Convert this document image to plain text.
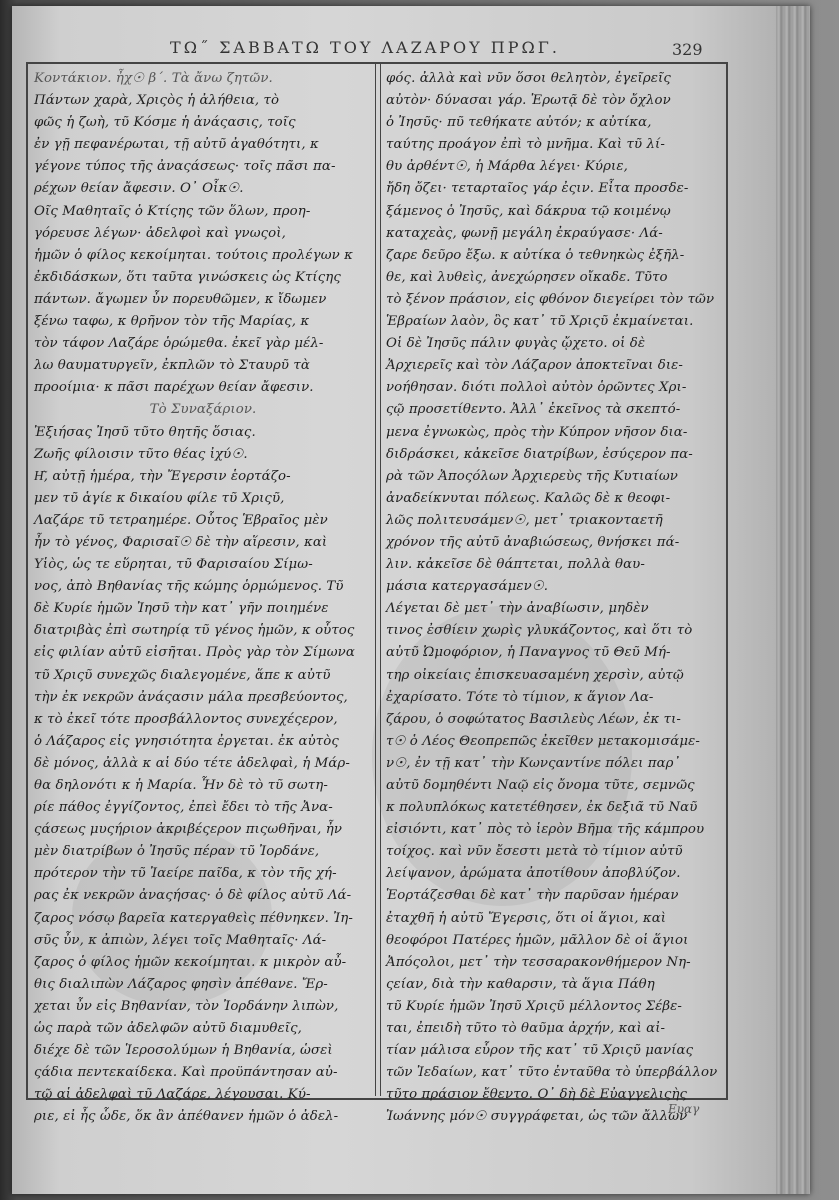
ΤΩ˝ ΣΑΒΒΑΤΩ ΤΟΥ ΛΑΖΑΡΟΥ ΠΡΩΓ.	329
Κοντάκιον. ἦχ☉ β΄. Τὰ ἄνω ζητῶν.
Πάντων χαρὰ, Χριςὸς ἡ ἀλήθεια, τὸ
φῶς ἡ ζωὴ, τῦ Κόσμε ἡ ἀνάςασις, τοῖς
ἐν γῇ πεφανέρωται, τῇ αὐτῦ ἀγαθότητι, κ
γέγονε τύπος τῆς ἀναςάσεως· τοῖς πᾶσι πα-
ρέχων θείαν ἄφεσιν. Ο᾽ Οἶκ☉.
Οῖς Μαθηταῖς ὁ Κτίςης τῶν ὅλων, προη-
γόρευσε λέγων· ἀδελφοὶ καὶ γνωςοὶ,
ἡμῶν ὁ φίλος κεκοίμηται. τούτοις προλέγων κ
ἐκδιδάσκων, ὅτι ταῦτα γινώσκεις ὡς Κτίςης
πάντων. ἄγωμεν ὖν πορευθῶμεν, κ ἴδωμεν
ξένω ταφω, κ θρῆνον τὸν τῆς Μαρίας, κ
τὸν τάφον Λαζάρε ὁρώμεθα. ἐκεῖ γὰρ μέλ-
λω θαυματυργεῖν, ἐκπλῶν τὸ Σταυρῦ τὰ
προοίμια· κ πᾶσι παρέχων θείαν ἄφεσιν.
Τὸ Συναξάριον.
Ἐξιήσας Ἰησῦ τῦτο θητῆς ὅσιας.
Ζωῆς φίλοισιν τῦτο θέας ἰχύ☉.
Η͂, αὐτῇ ἡμέρα, τὴν Ἔγερσιν ἑορτάζο-
μεν τῦ ἁγίε κ δικαίου φίλε τῦ Χριςῦ,
Λαζάρε τῦ τετραημέρε. Οὗτος Ἑβραῖος μὲν
ἦν τὸ γένος, Φαρισαῖ☉ δὲ τὴν αἵρεσιν, καὶ
Υἱὸς, ὡς τε εὕρηται, τῦ Φαρισαίου Σίμω-
νος, ἀπὸ Βηθανίας τῆς κώμης ὁρμώμενος. Τῦ
δὲ Κυρίε ἡμῶν Ἰησῦ τὴν κατ᾽ γῆν ποιημένε
διατριβὰς ἐπὶ σωτηρίᾳ τῦ γένος ἡμῶν, κ οὗτος
εἰς φιλίαν αὐτῦ εἰσῆται. Πρὸς γὰρ τὸν Σίμωνα
τῦ Χριςῦ συνεχῶς διαλεγομένε, ἅπε κ αὐτῦ
τὴν ἐκ νεκρῶν ἀνάςασιν μάλα πρεσβεύοντος,
κ τὸ ἐκεῖ τότε προσβάλλοντος συνεχέςερον,
ὁ Λάζαρος εἰς γνησιότητα ἐργεται. ἐκ αὐτὸς
δὲ μόνος, ἀλλὰ κ αἱ δύο τέτε ἀδελφαὶ, ἡ Μάρ-
θα δηλονότι κ ἡ Μαρία. Ἧν δὲ τὸ τῦ σωτη-
ρίε πάθος ἐγγίζοντος, ἐπεὶ ἔδει τὸ τῆς Ἀνα-
ςάσεως μυςήριον ἀκριβέςερον πιςωθῆναι, ἦν
μὲν διατρίβων ὁ Ἰησῦς πέραν τῦ Ἰορδάνε,
πρότερον τὴν τῦ Ἰαείρε παῖδα, κ τὸν τῆς χή-
ρας ἐκ νεκρῶν ἀναςήσας· ὁ δὲ φίλος αὐτῦ Λά-
ζαρος νόσῳ βαρεῖα κατεργαθεὶς πέθνηκεν. Ἰη-
σῦς ὖν, κ ἀπιὼν, λέγει τοῖς Μαθηταῖς· Λά-
ζαρος ὁ φίλος ἡμῶν κεκοίμηται. κ μικρὸν αὖ-
θις διαλιπὼν Λάζαρος φησὶν ἀπέθανε. Ἔρ-
χεται ὖν εἰς Βηθανίαν, τὸν Ἰορδάνην λιπὼν,
ὡς παρὰ τῶν ἀδελφῶν αὐτῦ διαμυθεῖς,
διέχε δὲ τῶν Ἱεροσολύμων ἡ Βηθανία, ὡσεὶ
ςάδια πεντεκαίδεκα. Καὶ προϋπάντησαν αὐ-
τῷ αἱ ἀδελφαὶ τῦ Λαζάρε, λέγουσαι. Κύ-
ριε, εἰ ἦς ὧδε, ὅκ ἂν ἀπέθανεν ἡμῶν ὁ ἀδελ-
φός. ἀλλὰ καὶ νῦν ὅσοι θελητὸν, ἐγεῖρεῖς
αὐτὸν· δύνασαι γάρ. Ἐρωτᾷ δὲ τὸν ὄχλον
ὁ Ἰησῦς· πῦ τεθήκατε αὐτόν; κ αὐτίκα,
ταύτης προάγον ἐπὶ τὸ μνῆμα. Καὶ τῦ λί-
θυ ἀρθέντ☉, ἡ Μάρθα λέγει· Κύριε,
ἤδη ὄζει· τεταρταῖος γάρ ἐςιν. Εἶτα προσδε-
ξάμενος ὁ Ἰησῦς, καὶ δάκρυα τῷ κοιμένῳ
καταχεὰς, φωνῇ μεγάλη ἐκραύγασε· Λά-
ζαρε δεῦρο ἔξω. κ αὐτίκα ὁ τεθνηκὼς ἐξῆλ-
θε, καὶ λυθεὶς, ἀνεχώρησεν οἴκαδε. Τῦτο
τὸ ξένον πράσιον, εἰς φθόνον διεγείρει τὸν τῶν
Ἑβραίων λαὸν, ὃς κατ᾽ τῦ Χριςῦ ἐκμαίνεται.
Οἱ δὲ Ἰησῦς πάλιν φυγὰς ᾤχετο. οἱ δὲ
Ἀρχιερεῖς καὶ τὸν Λάζαρον ἀποκτεῖναι διε-
νοήθησαν. διότι πολλοὶ αὐτὸν ὁρῶντες Χρι-
ςῷ προσετίθεντο. Ἀλλ᾽ ἐκεῖνος τὰ σκεπτό-
μενα ἐγνωκὼς, πρὸς τὴν Κύπρον νῆσον δια-
διδράσκει, κἀκεῖσε διατρίβων, ἐσύςερον πα-
ρὰ τῶν Ἀποςόλων Ἀρχιερεὺς τῆς Κυτιαίων
ἀναδείκνυται πόλεως. Καλῶς δὲ κ θεοφι-
λῶς πολιτευσάμεν☉, μετ᾽ τριακονταετῆ
χρόνον τῆς αὐτῦ ἀναβιώσεως, θνήσκει πά-
λιν. κἀκεῖσε δὲ θάπτεται, πολλὰ θαυ-
μάσια κατεργασάμεν☉.
Λέγεται δὲ μετ᾽ τὴν ἀναβίωσιν, μηδὲν
τινος ἐσθίειν χωρὶς γλυκάζοντος, καὶ ὅτι τὸ
αὐτῦ Ὠμοφόριον, ἡ Παναγνος τῦ Θεῦ Μή-
τηρ οἰκείαις ἐπισκευασαμένη χερσὶν, αὐτῷ
ἐχαρίσατο. Τότε τὸ τίμιον, κ ἅγιον Λα-
ζάρου, ὁ σοφώτατος Βασιλεὺς Λέων, ἐκ τι-
τ☉ ὁ Λέος Θεοπρεπῶς ἐκεῖθεν μετακομισάμε-
ν☉, ἐν τῇ κατ᾽ τὴν Κωνςαντίνε πόλει παρ᾽
αὐτῦ δομηθέντι Ναῷ εἰς ὄνομα τῦτε, σεμνῶς
κ πολυπλόκως κατετέθησεν, ἐκ δεξιᾶ τῦ Ναῦ
εἰσιόντι, κατ᾽ πὸς τὸ ἱερὸν Βῆμα τῆς κάμπρου
τοίχος. καὶ νῦν ἔσεστι μετὰ τὸ τίμιον αὐτῦ
λείψανον, ἀρώματα ἀποτίθουν ἀποβλύζον.
Ἑορτάζεσθαι δὲ κατ᾽ τὴν παρῦσαν ἡμέραν
ἐταχθῆ ἡ αὐτῦ Ἔγερσις, ὅτι οἱ ἅγιοι, καὶ
θεοφόροι Πατέρες ἡμῶν, μᾶλλον δὲ οἱ ἅγιοι
Ἀπόςολοι, μετ᾽ τὴν τεσσαρακονθήμερον Νη-
ςείαν, διὰ τὴν καθαρσιν, τὰ ἅγια Πάθη
τῦ Κυρίε ἡμῶν Ἰησῦ Χριςῦ μέλλοντος Σέβε-
ται, ἐπειδὴ τῦτο τὸ θαῦμα ἀρχήν, καὶ αἰ-
τίαν μάλισα εὗρον τῆς κατ᾽ τῦ Χριςῦ μανίας
τῶν Ἰεδαίων, κατ᾽ τῦτο ἐνταῦθα τὸ ὑπερβάλλον
τῦτο πράσιον ἔθεντο. Ο᾽ δὴ δὲ Εὐαγγελιςὴς
Ἰωάννης μόν☉ συγγράφεται, ὡς τῶν ἄλλων
Ευαγ
